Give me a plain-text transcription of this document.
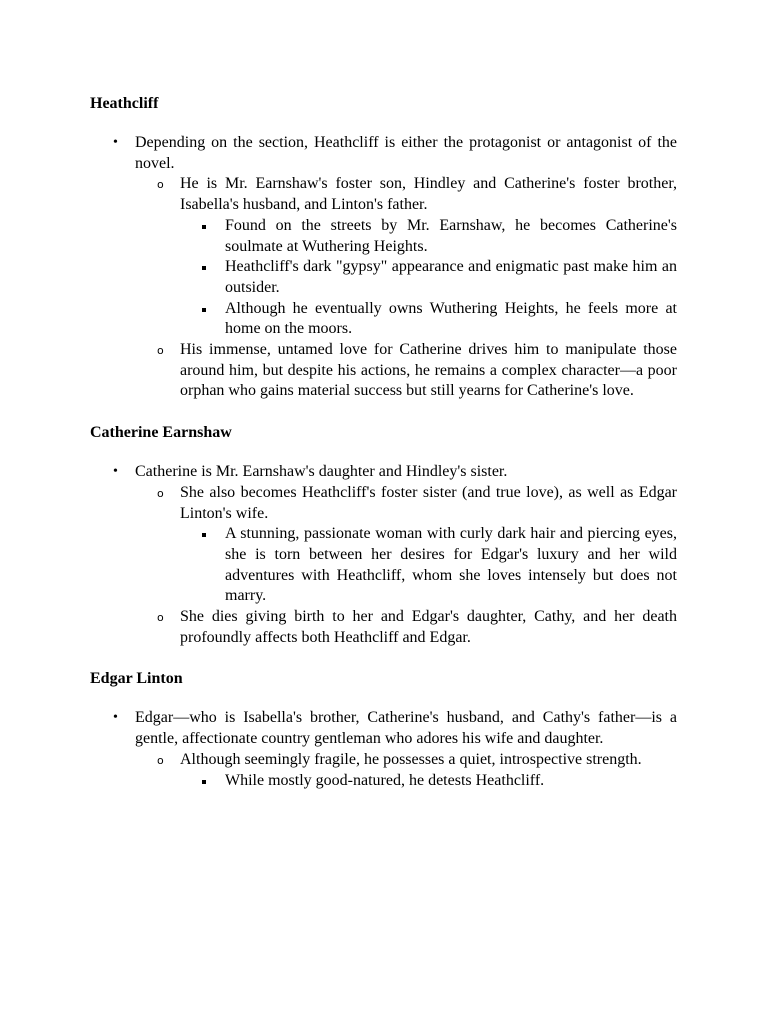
Heathcliff
• Depending on the section, Heathcliff is either the protagonist or antagonist of the novel.
o He is Mr. Earnshaw's foster son, Hindley and Catherine's foster brother, Isabella's husband, and Linton's father.
Found on the streets by Mr. Earnshaw, he becomes Catherine's soulmate at Wuthering Heights.
Heathcliff's dark "gypsy" appearance and enigmatic past make him an outsider.
Although he eventually owns Wuthering Heights, he feels more at home on the moors.
o His immense, untamed love for Catherine drives him to manipulate those around him, but despite his actions, he remains a complex character—a poor orphan who gains material success but still yearns for Catherine's love.
Catherine Earnshaw
• Catherine is Mr. Earnshaw's daughter and Hindley's sister.
o She also becomes Heathcliff's foster sister (and true love), as well as Edgar Linton's wife.
A stunning, passionate woman with curly dark hair and piercing eyes, she is torn between her desires for Edgar's luxury and her wild adventures with Heathcliff, whom she loves intensely but does not marry.
o She dies giving birth to her and Edgar's daughter, Cathy, and her death profoundly affects both Heathcliff and Edgar.
Edgar Linton
• Edgar—who is Isabella's brother, Catherine's husband, and Cathy's father—is a gentle, affectionate country gentleman who adores his wife and daughter.
o Although seemingly fragile, he possesses a quiet, introspective strength.
While mostly good-natured, he detests Heathcliff.
